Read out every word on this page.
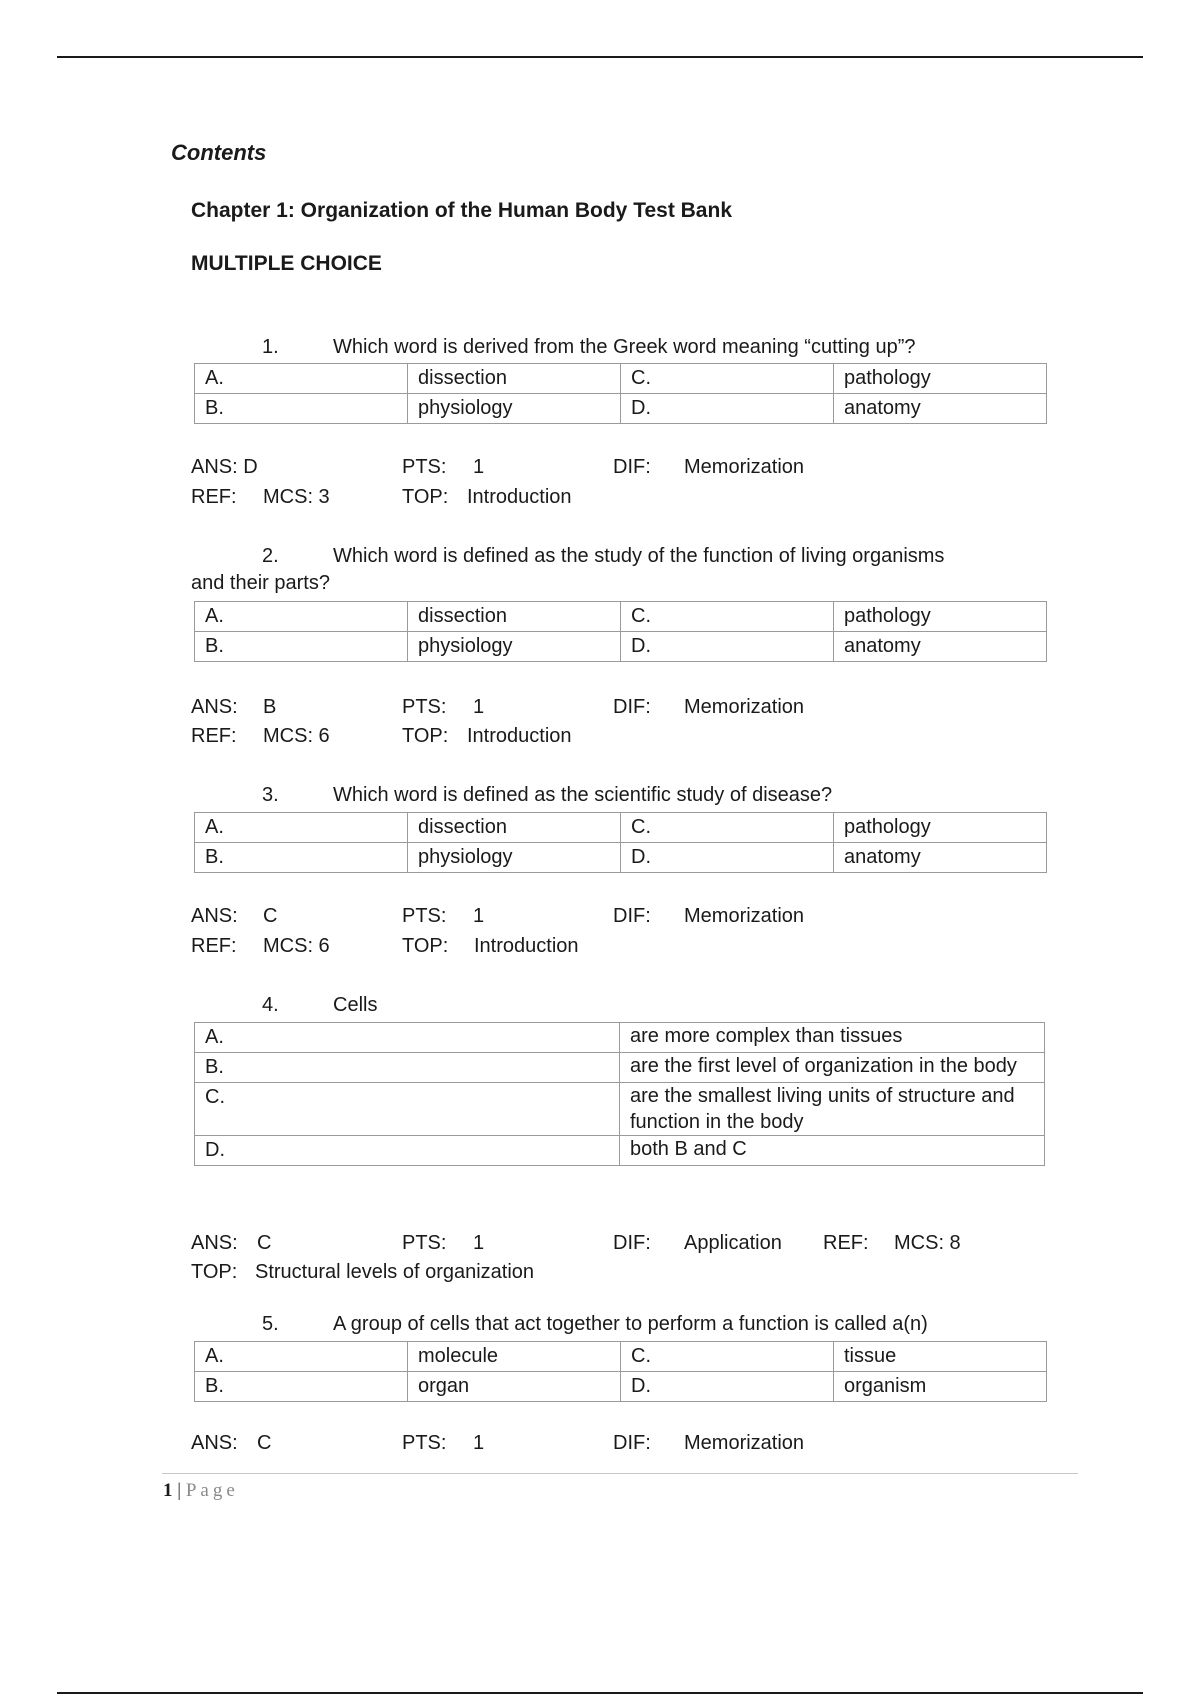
Contents
Chapter 1: Organization of the Human Body Test Bank
MULTIPLE CHOICE
1.	Which word is derived from the Greek word meaning “cutting up”?
A.	dissection	C.	pathology
B.	physiology	D.	anatomy
ANS: D	PTS: 1	DIF: Memorization
REF: MCS: 3	TOP: Introduction
2.	Which word is defined as the study of the function of living organisms
and their parts?
A.	dissection	C.	pathology
B.	physiology	D.	anatomy
ANS: B	PTS: 1	DIF: Memorization
REF: MCS: 6	TOP: Introduction
3.	Which word is defined as the scientific study of disease?
A.	dissection	C.	pathology
B.	physiology	D.	anatomy
ANS: C	PTS: 1	DIF: Memorization
REF: MCS: 6	TOP: Introduction
4.	Cells
A.	are more complex than tissues
B.	are the first level of organization in the body
C.	are the smallest living units of structure and function in the body
D.	both B and C
ANS: C	PTS: 1	DIF: Application REF: MCS: 8
TOP: Structural levels of organization
5.	A group of cells that act together to perform a function is called a(n)
A.	molecule	C.	tissue
B.	organ	D.	organism
ANS: C	PTS: 1	DIF: Memorization
1 | Page
